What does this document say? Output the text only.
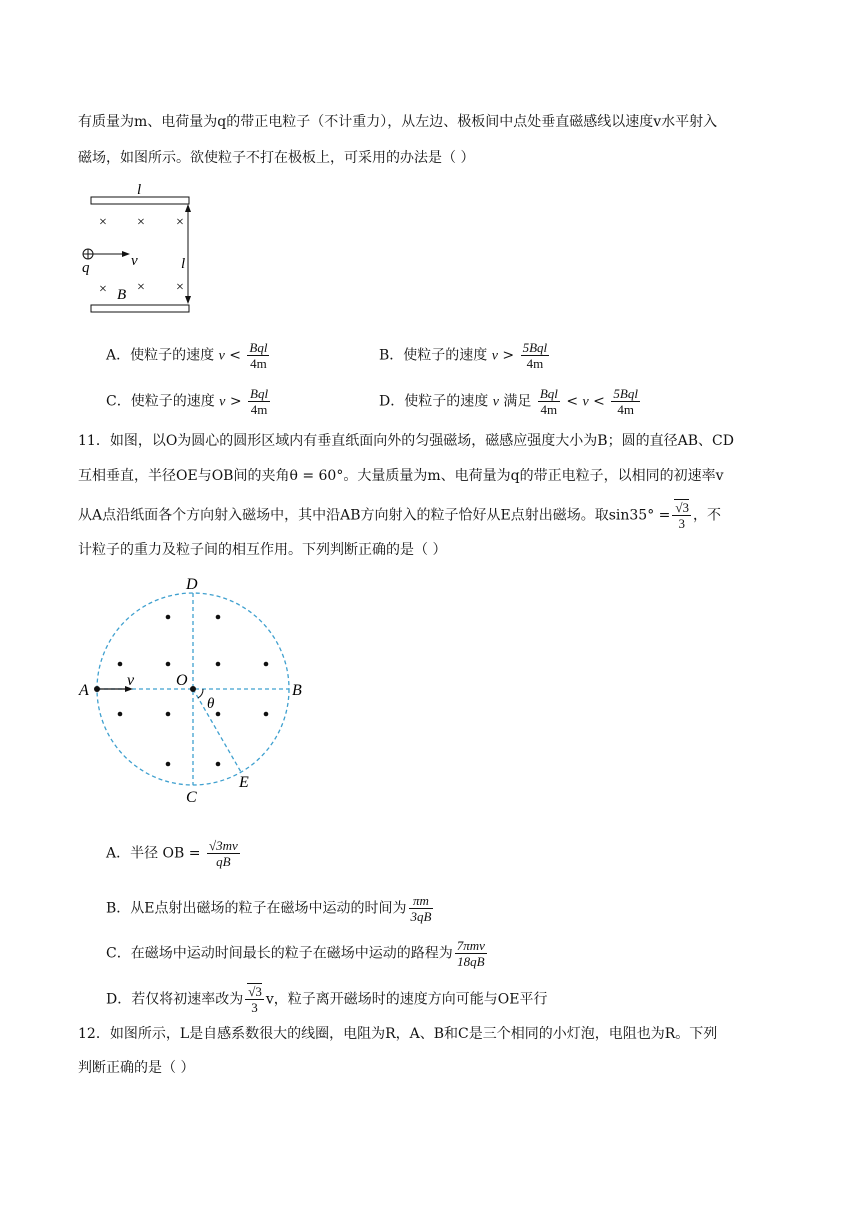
有质量为m、电荷量为q的带正电粒子（不计重力），从左边、极板间中点处垂直磁感线以速度v水平射入
磁场，如图所示。欲使粒子不打在极板上，可采用的办法是（ ）
l
l
× × ×
× × ×
q	v
B
A．使粒子的速度 $v < \frac{\text{Bql}}{4m}$	B．使粒子的速度 $v > \frac{\text{5Bql}}{4m}$
C．使粒子的速度 $v > \frac{\text{Bql}}{4m}$	D．使粒子的速度 v 满足 $\frac{\text{Bql}}{4m} < v < \frac{\text{5Bql}}{4m}$
11．如图，以O为圆心的圆形区域内有垂直纸面向外的匀强磁场，磁感应强度大小为B；圆的直径AB、CD
互相垂直，半径OE与OB间的夹角θ = 60°。大量质量为m、电荷量为q的带正电粒子，以相同的初速率v
从A点沿纸面各个方向射入磁场中，其中沿AB方向射入的粒子恰好从E点射出磁场。取$\sin 35^\circ = \frac{√3}{3}$ ，不
计粒子的重力及粒子间的相互作用。下列判断正确的是（ ）
D
C
A	B
O
E
v
θ
A．半径 OB = $\frac{√3mv}{qB}$
B．从E点射出磁场的粒子在磁场中运动的时间为 $\frac{\pi m}{3qB}$
C．在磁场中运动时间最长的粒子在磁场中运动的路程为 $\frac{\text{7πmv}}{18qB}$
D．若仅将初速率改为 $\frac{√3}{3}$ v，粒子离开磁场时的速度方向可能与OE平行
12．如图所示，L是自感系数很大的线圈，电阻为R，A、B和C是三个相同的小灯泡，电阻也为R。下列
判断正确的是（ ）
